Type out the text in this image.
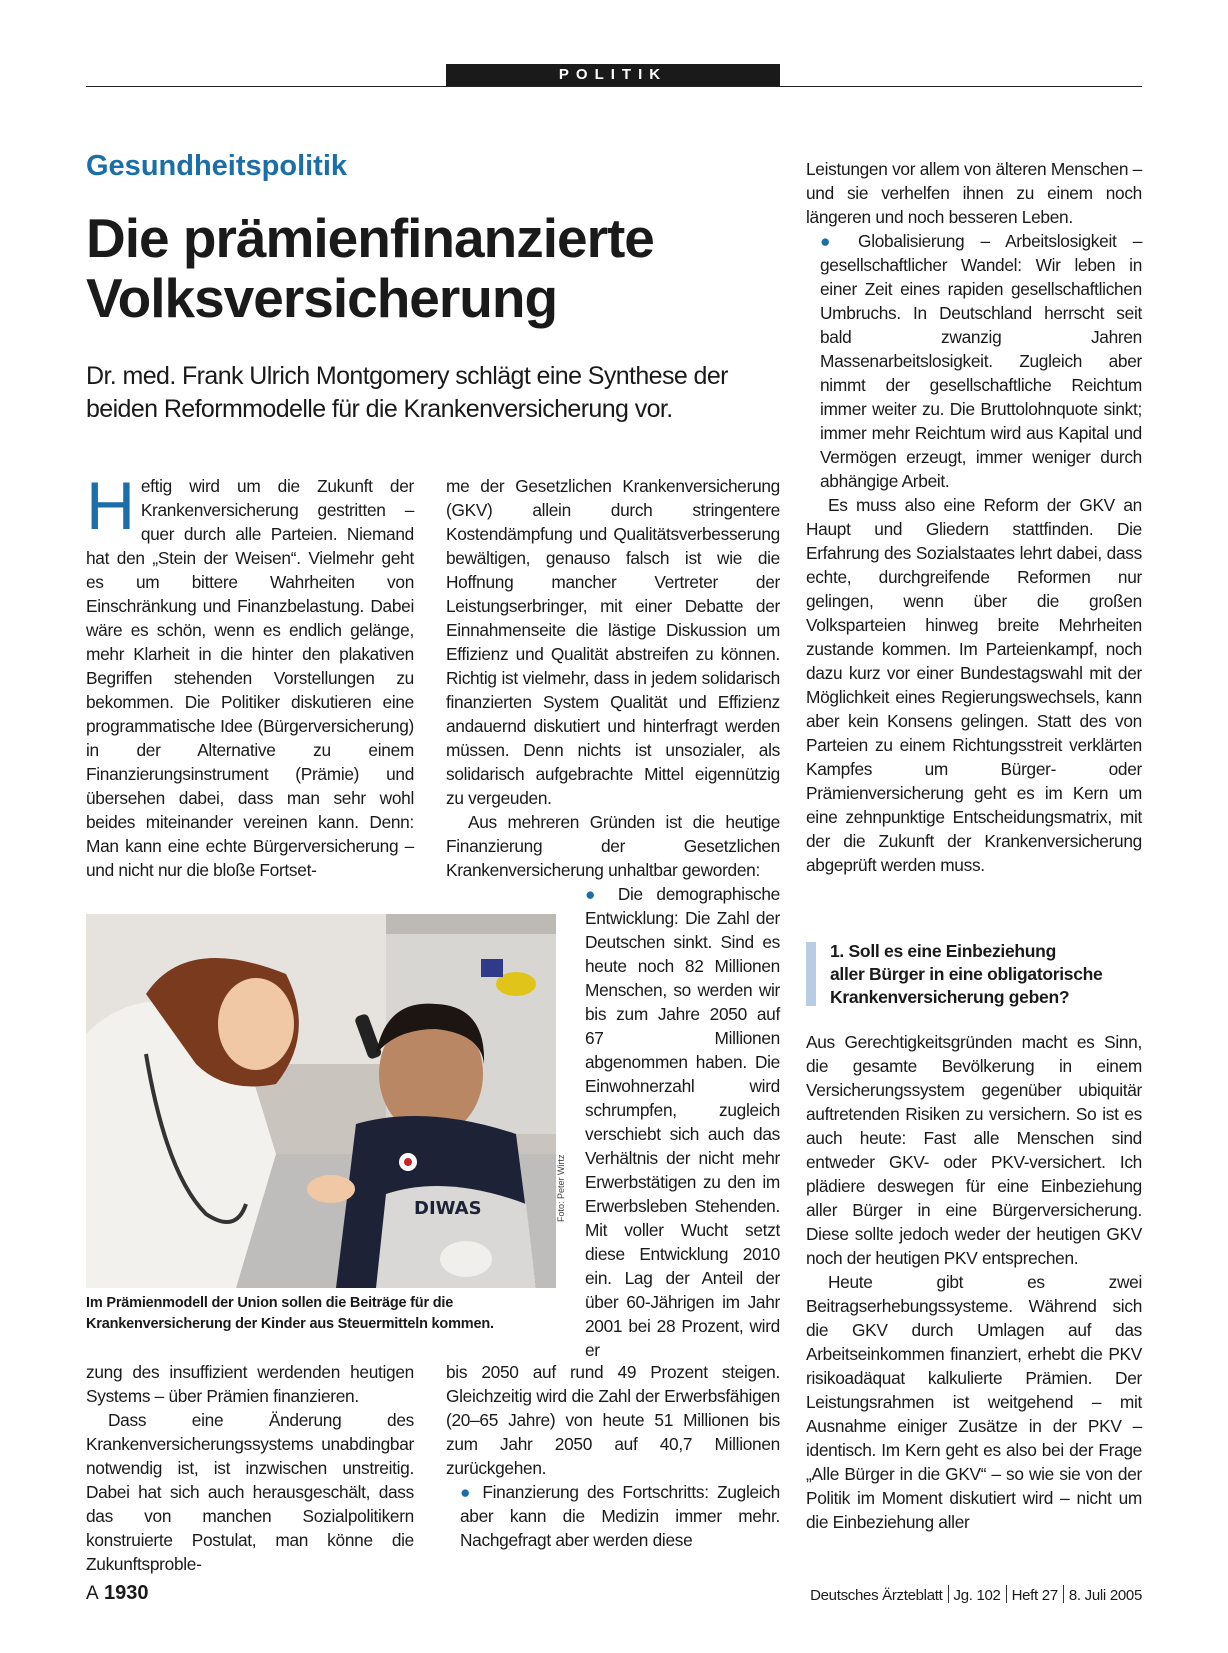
POLITIK
Gesundheitspolitik
Die prämienfinanzierte
Volksversicherung
Dr. med. Frank Ulrich Montgomery schlägt eine Synthese der beiden Reformmodelle für die Krankenversicherung vor.

Heftig wird um die Zukunft der Krankenversicherung gestritten – quer durch alle Parteien. Niemand hat den „Stein der Weisen“. Vielmehr geht es um bittere Wahrheiten von Einschränkung und Finanzbelastung. Dabei wäre es schön, wenn es endlich gelänge, mehr Klarheit in die hinter den plakativen Begriffen stehenden Vorstellungen zu bekommen. Die Politiker diskutieren eine programmatische Idee (Bürgerversicherung) in der Alternative zu einem Finanzierungsinstrument (Prämie) und übersehen dabei, dass man sehr wohl beides miteinander vereinen kann. Denn: Man kann eine echte Bürgerversicherung – und nicht nur die bloße Fortset-

me der Gesetzlichen Krankenversicherung (GKV) allein durch stringentere Kostendämpfung und Qualitätsverbesserung bewältigen, genauso falsch ist wie die Hoffnung mancher Vertreter der Leistungserbringer, mit einer Debatte der Einnahmenseite die lästige Diskussion um Effizienz und Qualität abstreifen zu können. Richtig ist vielmehr, dass in jedem solidarisch finanzierten System Qualität und Effizienz andauernd diskutiert und hinterfragt werden müssen. Denn nichts ist unsozialer, als solidarisch aufgebrachte Mittel eigennützig zu vergeuden.

Aus mehreren Gründen ist die heutige Finanzierung der Gesetzlichen Krankenversicherung unhaltbar geworden:

DIWAS	Foto: Peter Wirtz
Im Prämienmodell der Union sollen die Beiträge für die Krankenversicherung der Kinder aus Steuermitteln kommen.

● Die demographische Entwicklung: Die Zahl der Deutschen sinkt. Sind es heute noch 82 Millionen Menschen, so werden wir bis zum Jahre 2050 auf 67 Millionen abgenommen haben. Die Einwohnerzahl wird schrumpfen, zugleich verschiebt sich auch das Verhältnis der nicht mehr Erwerbstätigen zu den im Erwerbsleben Stehenden. Mit voller Wucht setzt diese Entwicklung 2010 ein. Lag der Anteil der über 60-Jährigen im Jahr 2001 bei 28 Prozent, wird er

zung des insuffizient werdenden heutigen Systems – über Prämien finanzieren.

Dass eine Änderung des Krankenversicherungssystems unabdingbar notwendig ist, ist inzwischen unstreitig. Dabei hat sich auch herausgeschält, dass das von manchen Sozialpolitikern konstruierte Postulat, man könne die Zukunftsproble-

bis 2050 auf rund 49 Prozent steigen. Gleichzeitig wird die Zahl der Erwerbsfähigen (20–65 Jahre) von heute 51 Millionen bis zum Jahr 2050 auf 40,7 Millionen zurückgehen.

● Finanzierung des Fortschritts: Zugleich aber kann die Medizin immer mehr. Nachgefragt aber werden diese

Leistungen vor allem von älteren Menschen – und sie verhelfen ihnen zu einem noch längeren und noch besseren Leben.

● Globalisierung – Arbeitslosigkeit – gesellschaftlicher Wandel: Wir leben in einer Zeit eines rapiden gesellschaftlichen Umbruchs. In Deutschland herrscht seit bald zwanzig Jahren Massenarbeitslosigkeit. Zugleich aber nimmt der gesellschaftliche Reichtum immer weiter zu. Die Bruttolohnquote sinkt; immer mehr Reichtum wird aus Kapital und Vermögen erzeugt, immer weniger durch abhängige Arbeit.

Es muss also eine Reform der GKV an Haupt und Gliedern stattfinden. Die Erfahrung des Sozialstaates lehrt dabei, dass echte, durchgreifende Reformen nur gelingen, wenn über die großen Volksparteien hinweg breite Mehrheiten zustande kommen. Im Parteienkampf, noch dazu kurz vor einer Bundestagswahl mit der Möglichkeit eines Regierungswechsels, kann aber kein Konsens gelingen. Statt des von Parteien zu einem Richtungsstreit verklärten Kampfes um Bürger- oder Prämienversicherung geht es im Kern um eine zehnpunktige Entscheidungsmatrix, mit der die Zukunft der Krankenversicherung abgeprüft werden muss.

1. Soll es eine Einbeziehung
aller Bürger in eine obligatorische
Krankenversicherung geben?

Aus Gerechtigkeitsgründen macht es Sinn, die gesamte Bevölkerung in einem Versicherungssystem gegenüber ubiquitär auftretenden Risiken zu versichern. So ist es auch heute: Fast alle Menschen sind entweder GKV- oder PKV-versichert. Ich plädiere deswegen für eine Einbeziehung aller Bürger in eine Bürgerversicherung. Diese sollte jedoch weder der heutigen GKV noch der heutigen PKV entsprechen.

Heute gibt es zwei Beitragserhebungssysteme. Während sich die GKV durch Umlagen auf das Arbeitseinkommen finanziert, erhebt die PKV risikoadäquat kalkulierte Prämien. Der Leistungsrahmen ist weitgehend – mit Ausnahme einiger Zusätze in der PKV – identisch. Im Kern geht es also bei der Frage „Alle Bürger in die GKV“ – so wie sie von der Politik im Moment diskutiert wird – nicht um die Einbeziehung aller

A 1930	Deutsches Ärzteblatt Jg. 102 Heft 27 8. Juli 2005
